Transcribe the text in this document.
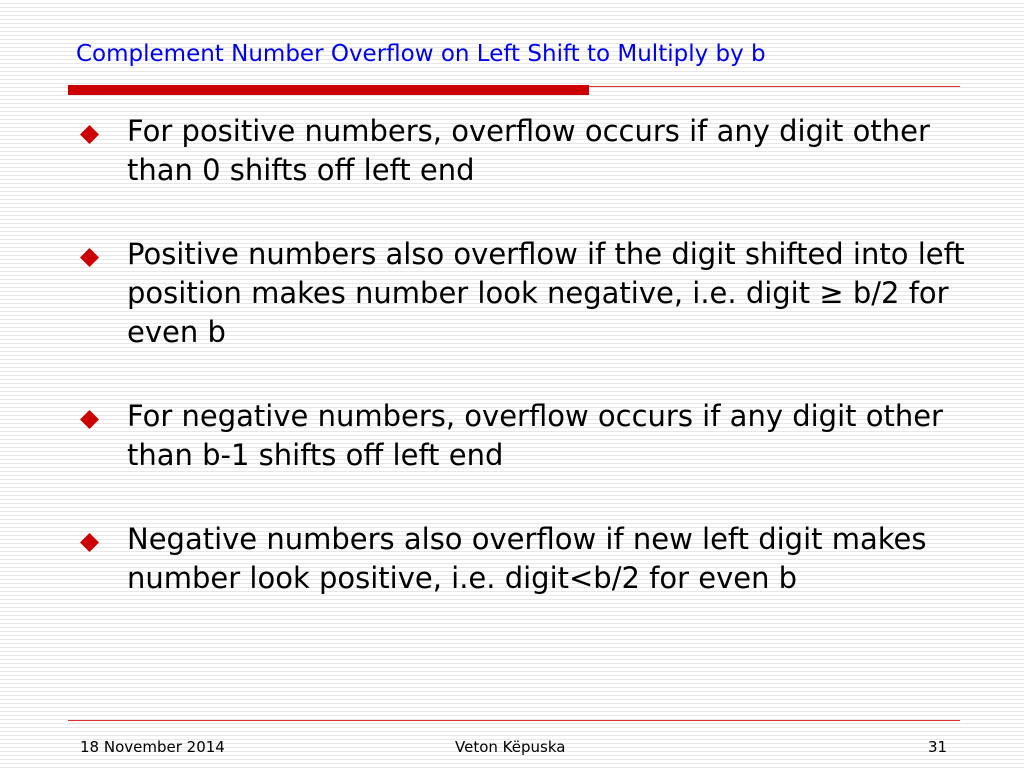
Complement Number Overflow on Left Shift to Multiply by b
For positive numbers, overflow occurs if any digit other than 0 shifts off left end
Positive numbers also overflow if the digit shifted into left position makes number look negative, i.e. digit ≥ b/2 for even b
For negative numbers, overflow occurs if any digit other than b-1 shifts off left end
Negative numbers also overflow if new left digit makes number look positive, i.e. digit<b/2 for even b
18 November 2014	Veton Këpuska	31
